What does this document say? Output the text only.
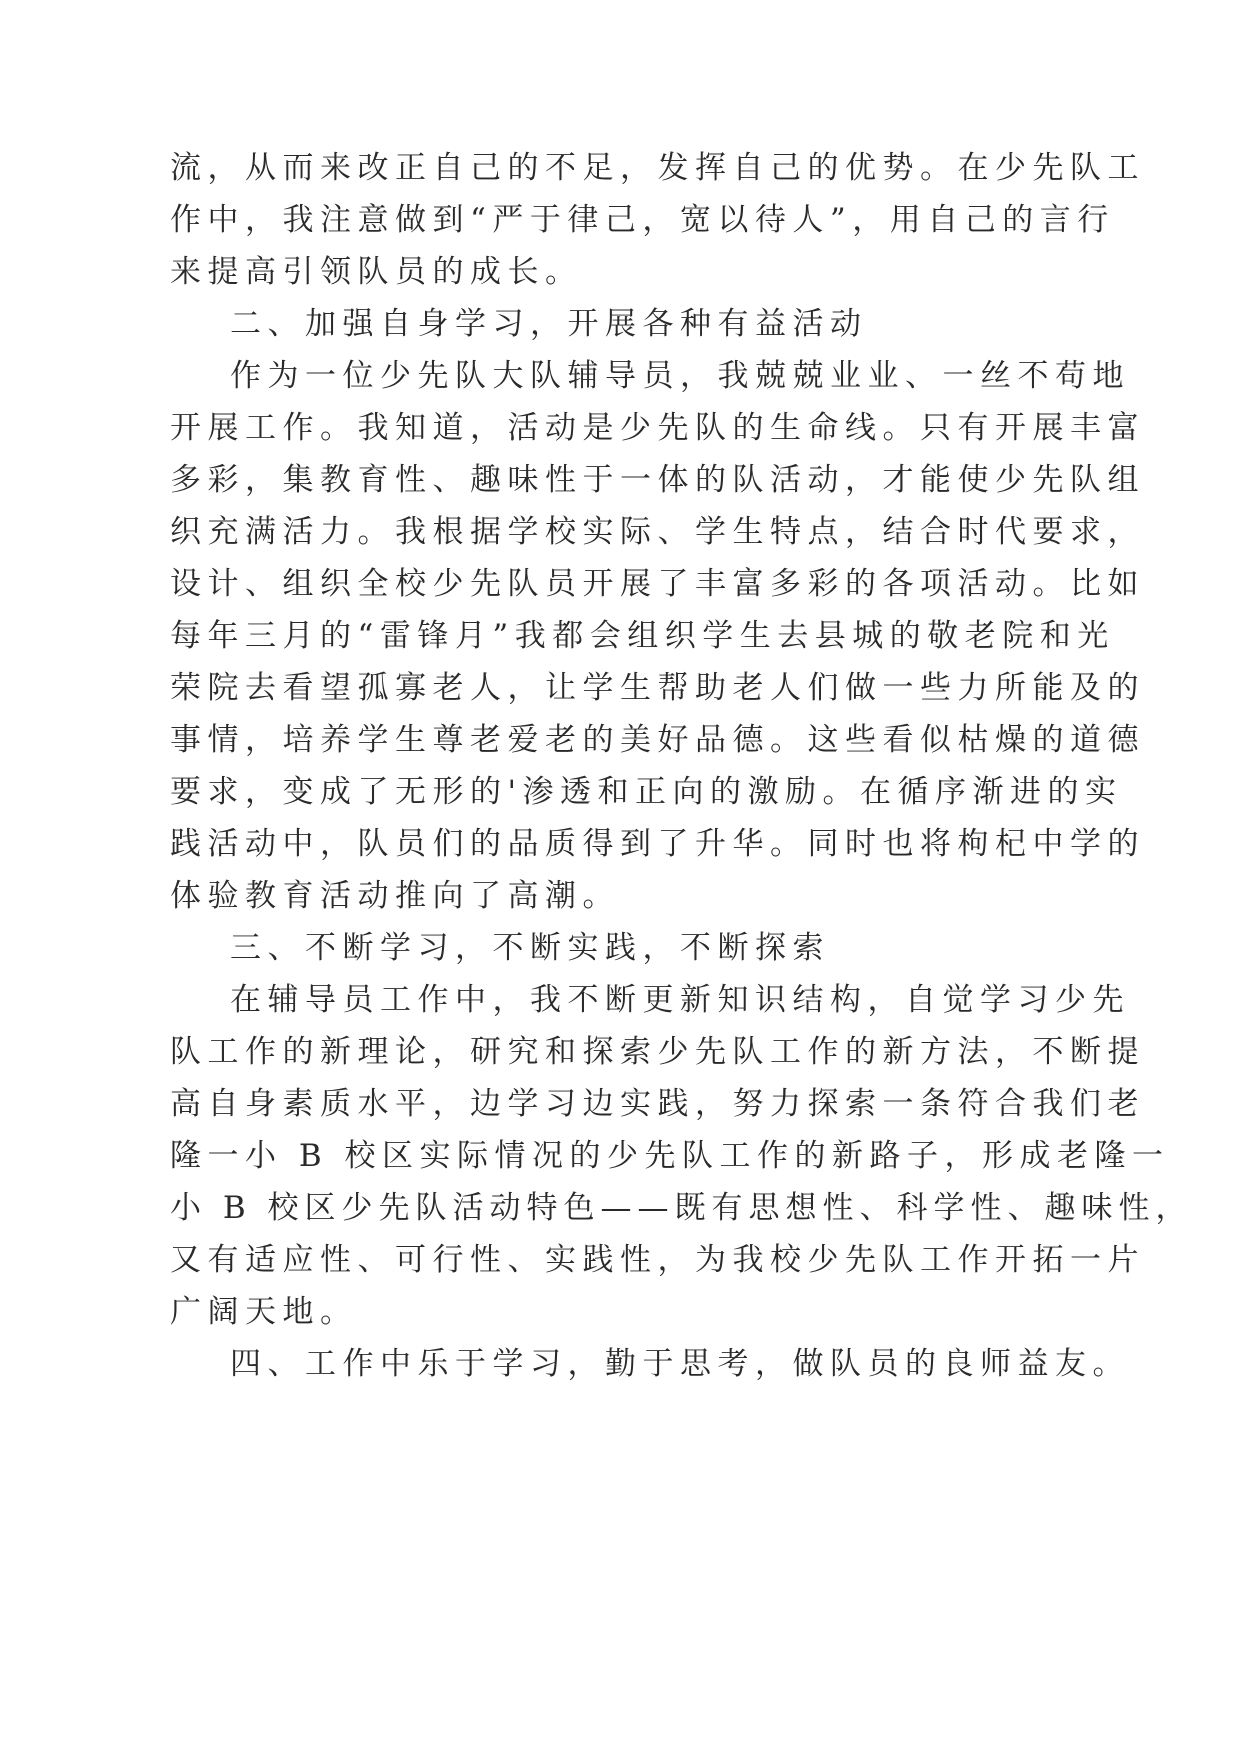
流，从而来改正自己的不足，发挥自己的优势。在少先队工
作中，我注意做到“严于律己，宽以待人”，用自己的言行
来提高引领队员的成长。
二、加强自身学习，开展各种有益活动
作为一位少先队大队辅导员，我兢兢业业、一丝不苟地
开展工作。我知道，活动是少先队的生命线。只有开展丰富
多彩，集教育性、趣味性于一体的队活动，才能使少先队组
织充满活力。我根据学校实际、学生特点，结合时代要求，
设计、组织全校少先队员开展了丰富多彩的各项活动。比如
每年三月的“雷锋月”我都会组织学生去县城的敬老院和光
荣院去看望孤寡老人，让学生帮助老人们做一些力所能及的
事情，培养学生尊老爱老的美好品德。这些看似枯燥的道德
要求，变成了无形的'渗透和正向的激励。在循序渐进的实
践活动中，队员们的品质得到了升华。同时也将枸杞中学的
体验教育活动推向了高潮。
三、不断学习，不断实践，不断探索
在辅导员工作中，我不断更新知识结构，自觉学习少先
队工作的新理论，研究和探索少先队工作的新方法，不断提
高自身素质水平，边学习边实践，努力探索一条符合我们老
隆一小 B 校区实际情况的少先队工作的新路子，形成老隆一
小 B 校区少先队活动特色——既有思想性、科学性、趣味性，
又有适应性、可行性、实践性，为我校少先队工作开拓一片
广阔天地。
四、工作中乐于学习，勤于思考，做队员的良师益友。
